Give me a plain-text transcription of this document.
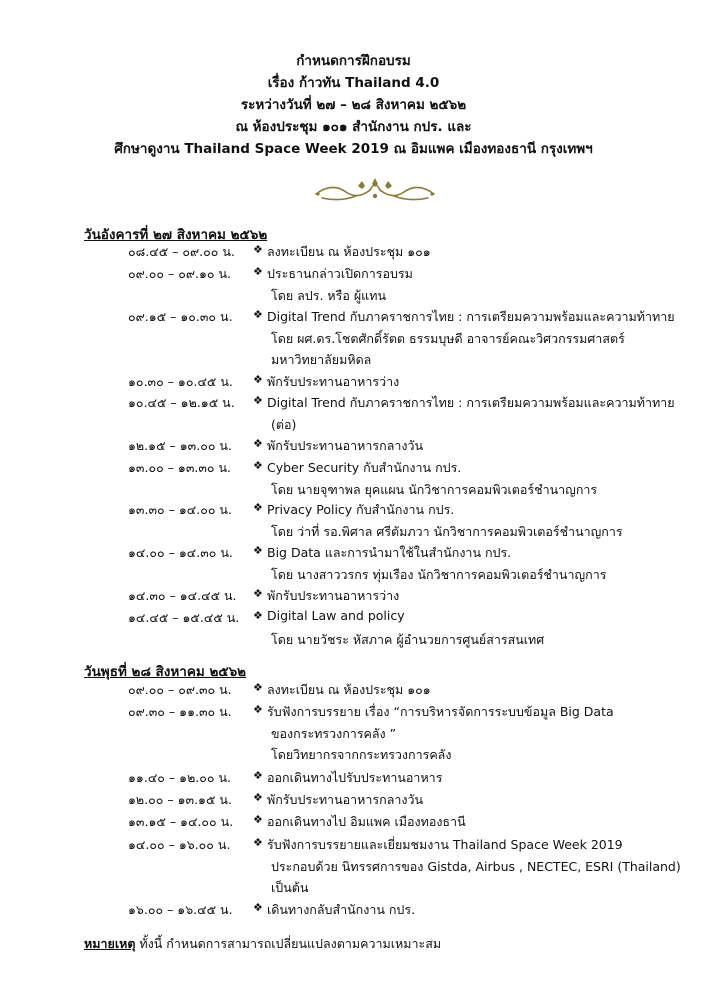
กำหนดการฝึกอบรม
เรื่อง ก้าวทัน Thailand 4.0
ระหว่างวันที่ ๒๗ – ๒๘ สิงหาคม ๒๕๖๒
ณ ห้องประชุม ๑๐๑ สำนักงาน กปร. และ
ศึกษาดูงาน Thailand Space Week 2019 ณ อิมแพค เมืองทองธานี กรุงเทพฯ
วันอังคารที่ ๒๗ สิงหาคม ๒๕๖๒
๐๘.๔๕ – ๐๙.๐๐ น.	❖ ลงทะเบียน ณ ห้องประชุม ๑๐๑
๐๙.๐๐ – ๐๙.๑๐ น.	❖ ประธานกล่าวเปิดการอบรม
โดย ลปร. หรือ ผู้แทน
๐๙.๑๕ – ๑๐.๓๐ น.	❖ Digital Trend กับภาคราชการไทย : การเตรียมความพร้อมและความท้าทาย
โดย ผศ.ดร.โชตศักดิ์รัตต ธรรมบุษดี อาจารย์คณะวิศวกรรมศาสตร์
มหาวิทยาลัยมหิดล
๑๐.๓๐ – ๑๐.๔๕ น.	❖ พักรับประทานอาหารว่าง
๑๐.๔๕ – ๑๒.๑๕ น.	❖ Digital Trend กับภาคราชการไทย : การเตรียมความพร้อมและความท้าทาย
(ต่อ)
๑๒.๑๕ – ๑๓.๐๐ น.	❖ พักรับประทานอาหารกลางวัน
๑๓.๐๐ – ๑๓.๓๐ น.	❖ Cyber Security กับสำนักงาน กปร.
โดย นายจุฑาพล ยุคแผน นักวิชาการคอมพิวเตอร์ชำนาญการ
๑๓.๓๐ – ๑๔.๐๐ น.	❖ Privacy Policy กับสำนักงาน กปร.
โดย ว่าที่ รอ.พิศาล ศรีตัมภวา นักวิชาการคอมพิวเตอร์ชำนาญการ
๑๔.๐๐ – ๑๔.๓๐ น.	❖ Big Data และการนำมาใช้ในสำนักงาน กปร.
โดย นางสาววรกร ทุ่มเรือง นักวิชาการคอมพิวเตอร์ชำนาญการ
๑๔.๓๐ – ๑๔.๔๕ น.	❖ พักรับประทานอาหารว่าง
๑๔.๔๕ – ๑๕.๔๕ น.	❖ Digital Law and policy
โดย นายวัชระ หัสภาค ผู้อำนวยการศูนย์สารสนเทศ
วันพุธที่ ๒๘ สิงหาคม ๒๕๖๒
๐๙.๐๐ – ๐๙.๓๐ น.	❖ ลงทะเบียน ณ ห้องประชุม ๑๐๑
๐๙.๓๐ – ๑๑.๓๐ น.	❖ รับฟังการบรรยาย เรื่อง “การบริหารจัดการระบบข้อมูล Big Data
ของกระทรวงการคลัง ”
โดยวิทยากรจากกระทรวงการคลัง
๑๑.๔๐ – ๑๒.๐๐ น.	❖ ออกเดินทางไปรับประทานอาหาร
๑๒.๐๐ – ๑๓.๑๕ น.	❖ พักรับประทานอาหารกลางวัน
๑๓.๑๕ – ๑๔.๐๐ น.	❖ ออกเดินทางไป อิมแพค เมืองทองธานี
๑๔.๐๐ – ๑๖.๐๐ น.	❖ รับฟังการบรรยายและเยี่ยมชมงาน Thailand Space Week 2019
ประกอบด้วย นิทรรศการของ Gistda, Airbus , NECTEC, ESRI (Thailand)
เป็นต้น
๑๖.๐๐ – ๑๖.๔๕ น.	❖ เดินทางกลับสำนักงาน กปร.
หมายเหตุ ทั้งนี้ กำหนดการสามารถเปลี่ยนแปลงตามความเหมาะสม
